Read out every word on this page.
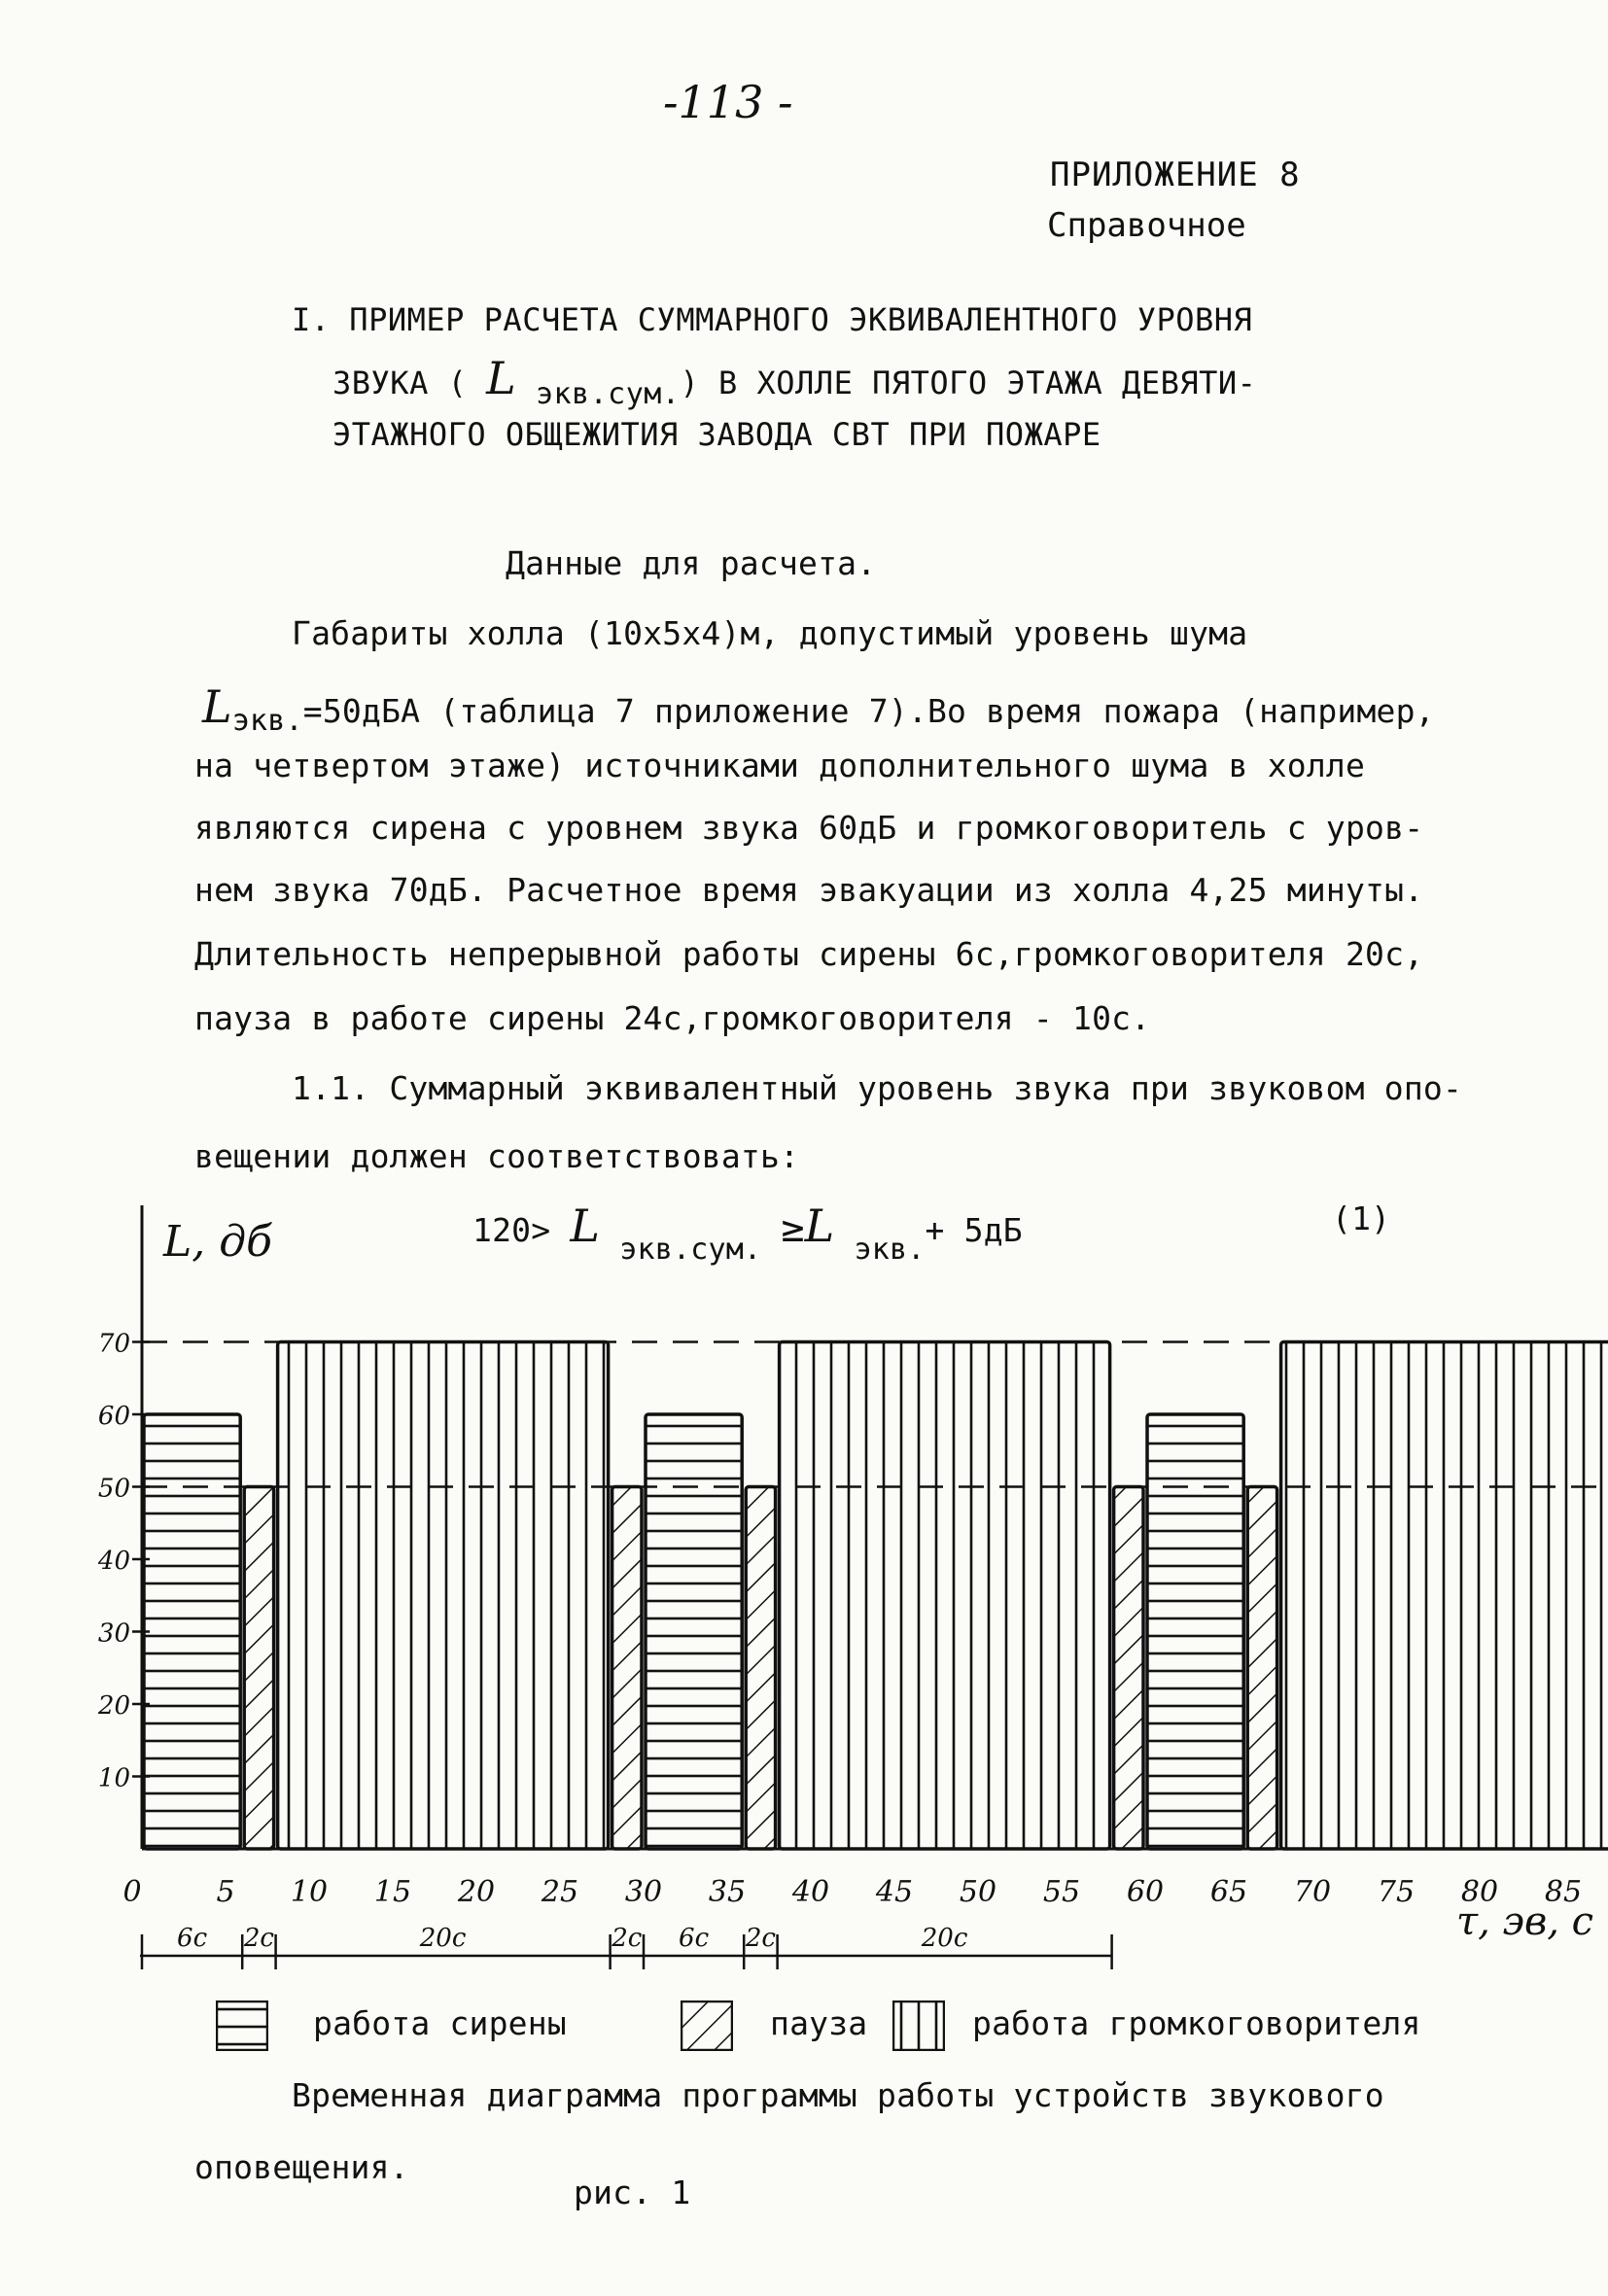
-113 -
ПРИЛОЖЕНИЕ 8
Справочное
I. ПРИМЕР РАСЧЕТА СУММАРНОГО ЭКВИВАЛЕНТНОГО УРОВНЯ
ЗВУКА ( L экв.сум.) В ХОЛЛЕ ПЯТОГО ЭТАЖА ДЕВЯТИ-
ЭТАЖНОГО ОБЩЕЖИТИЯ ЗАВОДА СВТ ПРИ ПОЖАРЕ
Данные для расчета.
Габариты холла (10х5х4)м, допустимый уровень шума
Lэкв.=50дБА (таблица 7 приложение 7).Во время пожара (например,
на четвертом этаже) источниками дополнительного шума в холле
являются сирена с уровнем звука 60дБ и громкоговоритель с уров-
нем звука 70дБ. Расчетное время эвакуации из холла 4,25 минуты.
Длительность непрерывной работы сирены 6с,громкоговорителя 20с,
пауза в работе сирены 24с,громкоговорителя - 10с.
1.1. Суммарный эквивалентный уровень звука при звуковом опо-
вещении должен соответствовать:
120> L экв.сум. ≥L экв.+ 5дБ	(1)
10
20
30
40
50
60
70
0	5 10 15 20 25 30 35 40 45 50 55 60 65 70 75 80 85
L, дб
τ, эв, с
6с 2с	20с	2с 6с 2с	20с
работа сирены	пауза	работа громкоговорителя
Временная диаграмма программы работы устройств звукового
оповещения.
рис. 1
